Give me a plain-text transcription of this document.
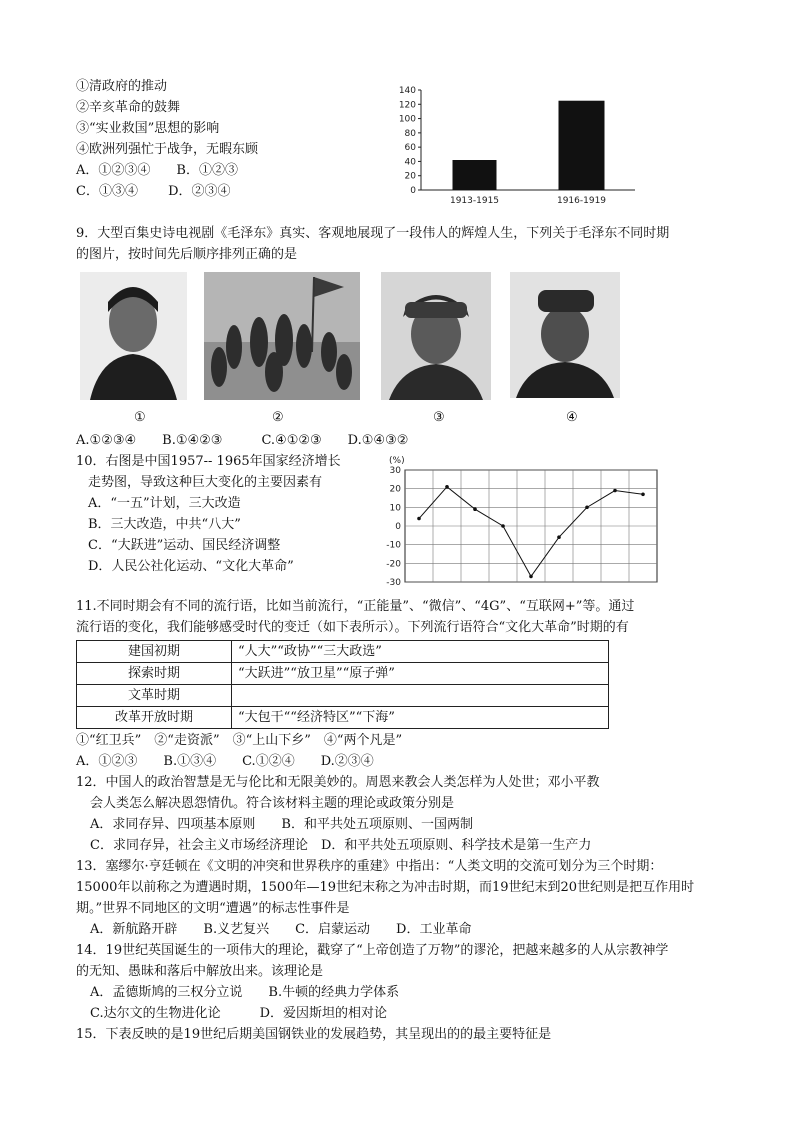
①清政府的推动
②辛亥革命的鼓舞
③“实业救国”思想的影响
④欧洲列强忙于战争，无暇东顾
A．①②③④　　B．①②③
C．①③④　　 D．②③④	0
20
40
60
80
100
120
140
1913-1915	1916-1919
9．大型百集史诗电视剧《毛泽东》真实、客观地展现了一段伟人的辉煌人生，下列关于毛泽东不同时期
的图片，按时间先后顺序排列正确的是
①	②	③	④
A.①②③④　　B.①④②③　　　C.④①②③　　D.①④③②
10．右图是中国1957-- 1965年国家经济增长
走势图，导致这种巨大变化的主要因素有
A．“一五”计划，三大改造
B．三大改造，中共“八大”
C．“大跃进”运动、国民经济调整
D．人民公社化运动、“文化大革命”
(%)
30
20
10
0
-10
-20
-30
11.不同时期会有不同的流行语，比如当前流行，“正能量”、“微信”、“4G”、“互联网+”等。通过
流行语的变化，我们能够感受时代的变迁（如下表所示）。下列流行语符合“文化大革命”时期的有
建国初期	“人大”“政协”“三大政选”
探索时期	“大跃进”“放卫星”“原子弹”
文革时期	
改革开放时期	“大包干““经济特区”“下海”
①“红卫兵”　②“走资派”　③“上山下乡”　④“两个凡是”
A．①②③　　B.①③④　　C.①②④　　D.②③④
12．中国人的政治智慧是无与伦比和无限美妙的。周恩来教会人类怎样为人处世；邓小平教
会人类怎么解决恩怨情仇。符合该材料主题的理论或政策分别是
A．求同存异、四项基本原则　　B．和平共处五项原则、一国两制
C．求同存异，社会主义市场经济理论　D．和平共处五项原则、科学技术是第一生产力
13．塞缪尔·亨廷顿在《文明的冲突和世界秩序的重建》中指出：“人类文明的交流可划分为三个时期：
15000年以前称之为遭遇时期，1500年—19世纪末称之为冲击时期，而19世纪末到20世纪则是把互作用时
期。”世界不同地区的文明“遭遇”的标志性事件是
A．新航路开辟　　B.义艺复兴　　C．启蒙运动　　D．工业革命
14．19世纪英国诞生的一项伟大的理论，戳穿了“上帝创造了万物”的谬沦，把越来越多的人从宗教神学
的无知、愚昧和落后中解放出来。该理论是
A．孟德斯鸠的三权分立说　　B.牛顿的经典力学体系
C.达尔文的生物进化论　　　D．爱因斯坦的相对论
15．下表反映的是19世纪后期美国钢铁业的发展趋势，其呈现出的的最主要特征是
